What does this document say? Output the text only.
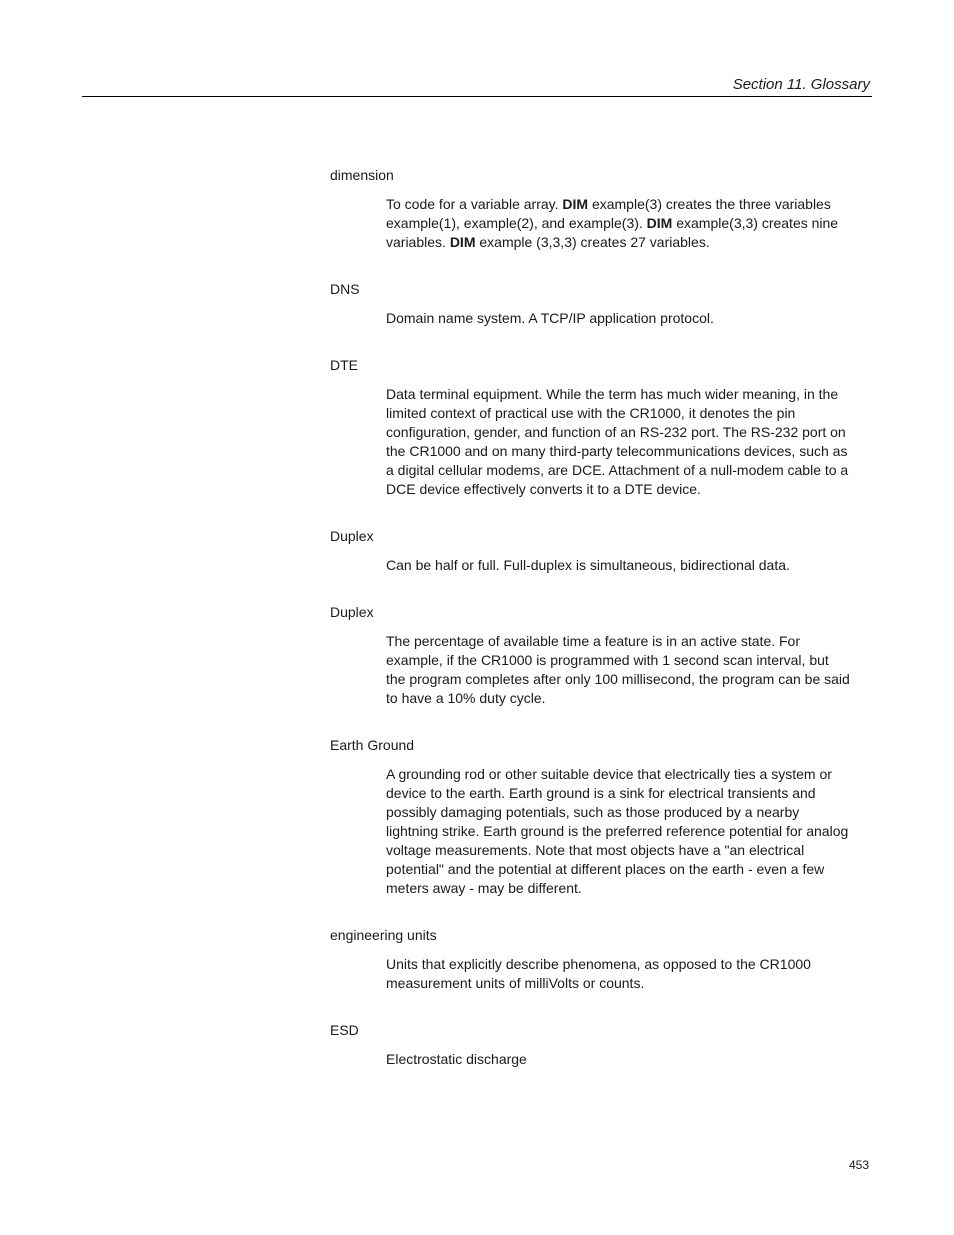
Section 11. Glossary
dimension
To code for a variable array. DIM example(3) creates the three variables example(1), example(2), and example(3). DIM example(3,3) creates nine variables. DIM example (3,3,3) creates 27 variables.
DNS
Domain name system. A TCP/IP application protocol.
DTE
Data terminal equipment. While the term has much wider meaning, in the limited context of practical use with the CR1000, it denotes the pin configuration, gender, and function of an RS-232 port. The RS-232 port on the CR1000 and on many third-party telecommunications devices, such as a digital cellular modems, are DCE. Attachment of a null-modem cable to a DCE device effectively converts it to a DTE device.
Duplex
Can be half or full. Full-duplex is simultaneous, bidirectional data.
Duplex
The percentage of available time a feature is in an active state. For example, if the CR1000 is programmed with 1 second scan interval, but the program completes after only 100 millisecond, the program can be said to have a 10% duty cycle.
Earth Ground
A grounding rod or other suitable device that electrically ties a system or device to the earth. Earth ground is a sink for electrical transients and possibly damaging potentials, such as those produced by a nearby lightning strike. Earth ground is the preferred reference potential for analog voltage measurements. Note that most objects have a "an electrical potential" and the potential at different places on the earth - even a few meters away - may be different.
engineering units
Units that explicitly describe phenomena, as opposed to the CR1000 measurement units of milliVolts or counts.
ESD
Electrostatic discharge
453
